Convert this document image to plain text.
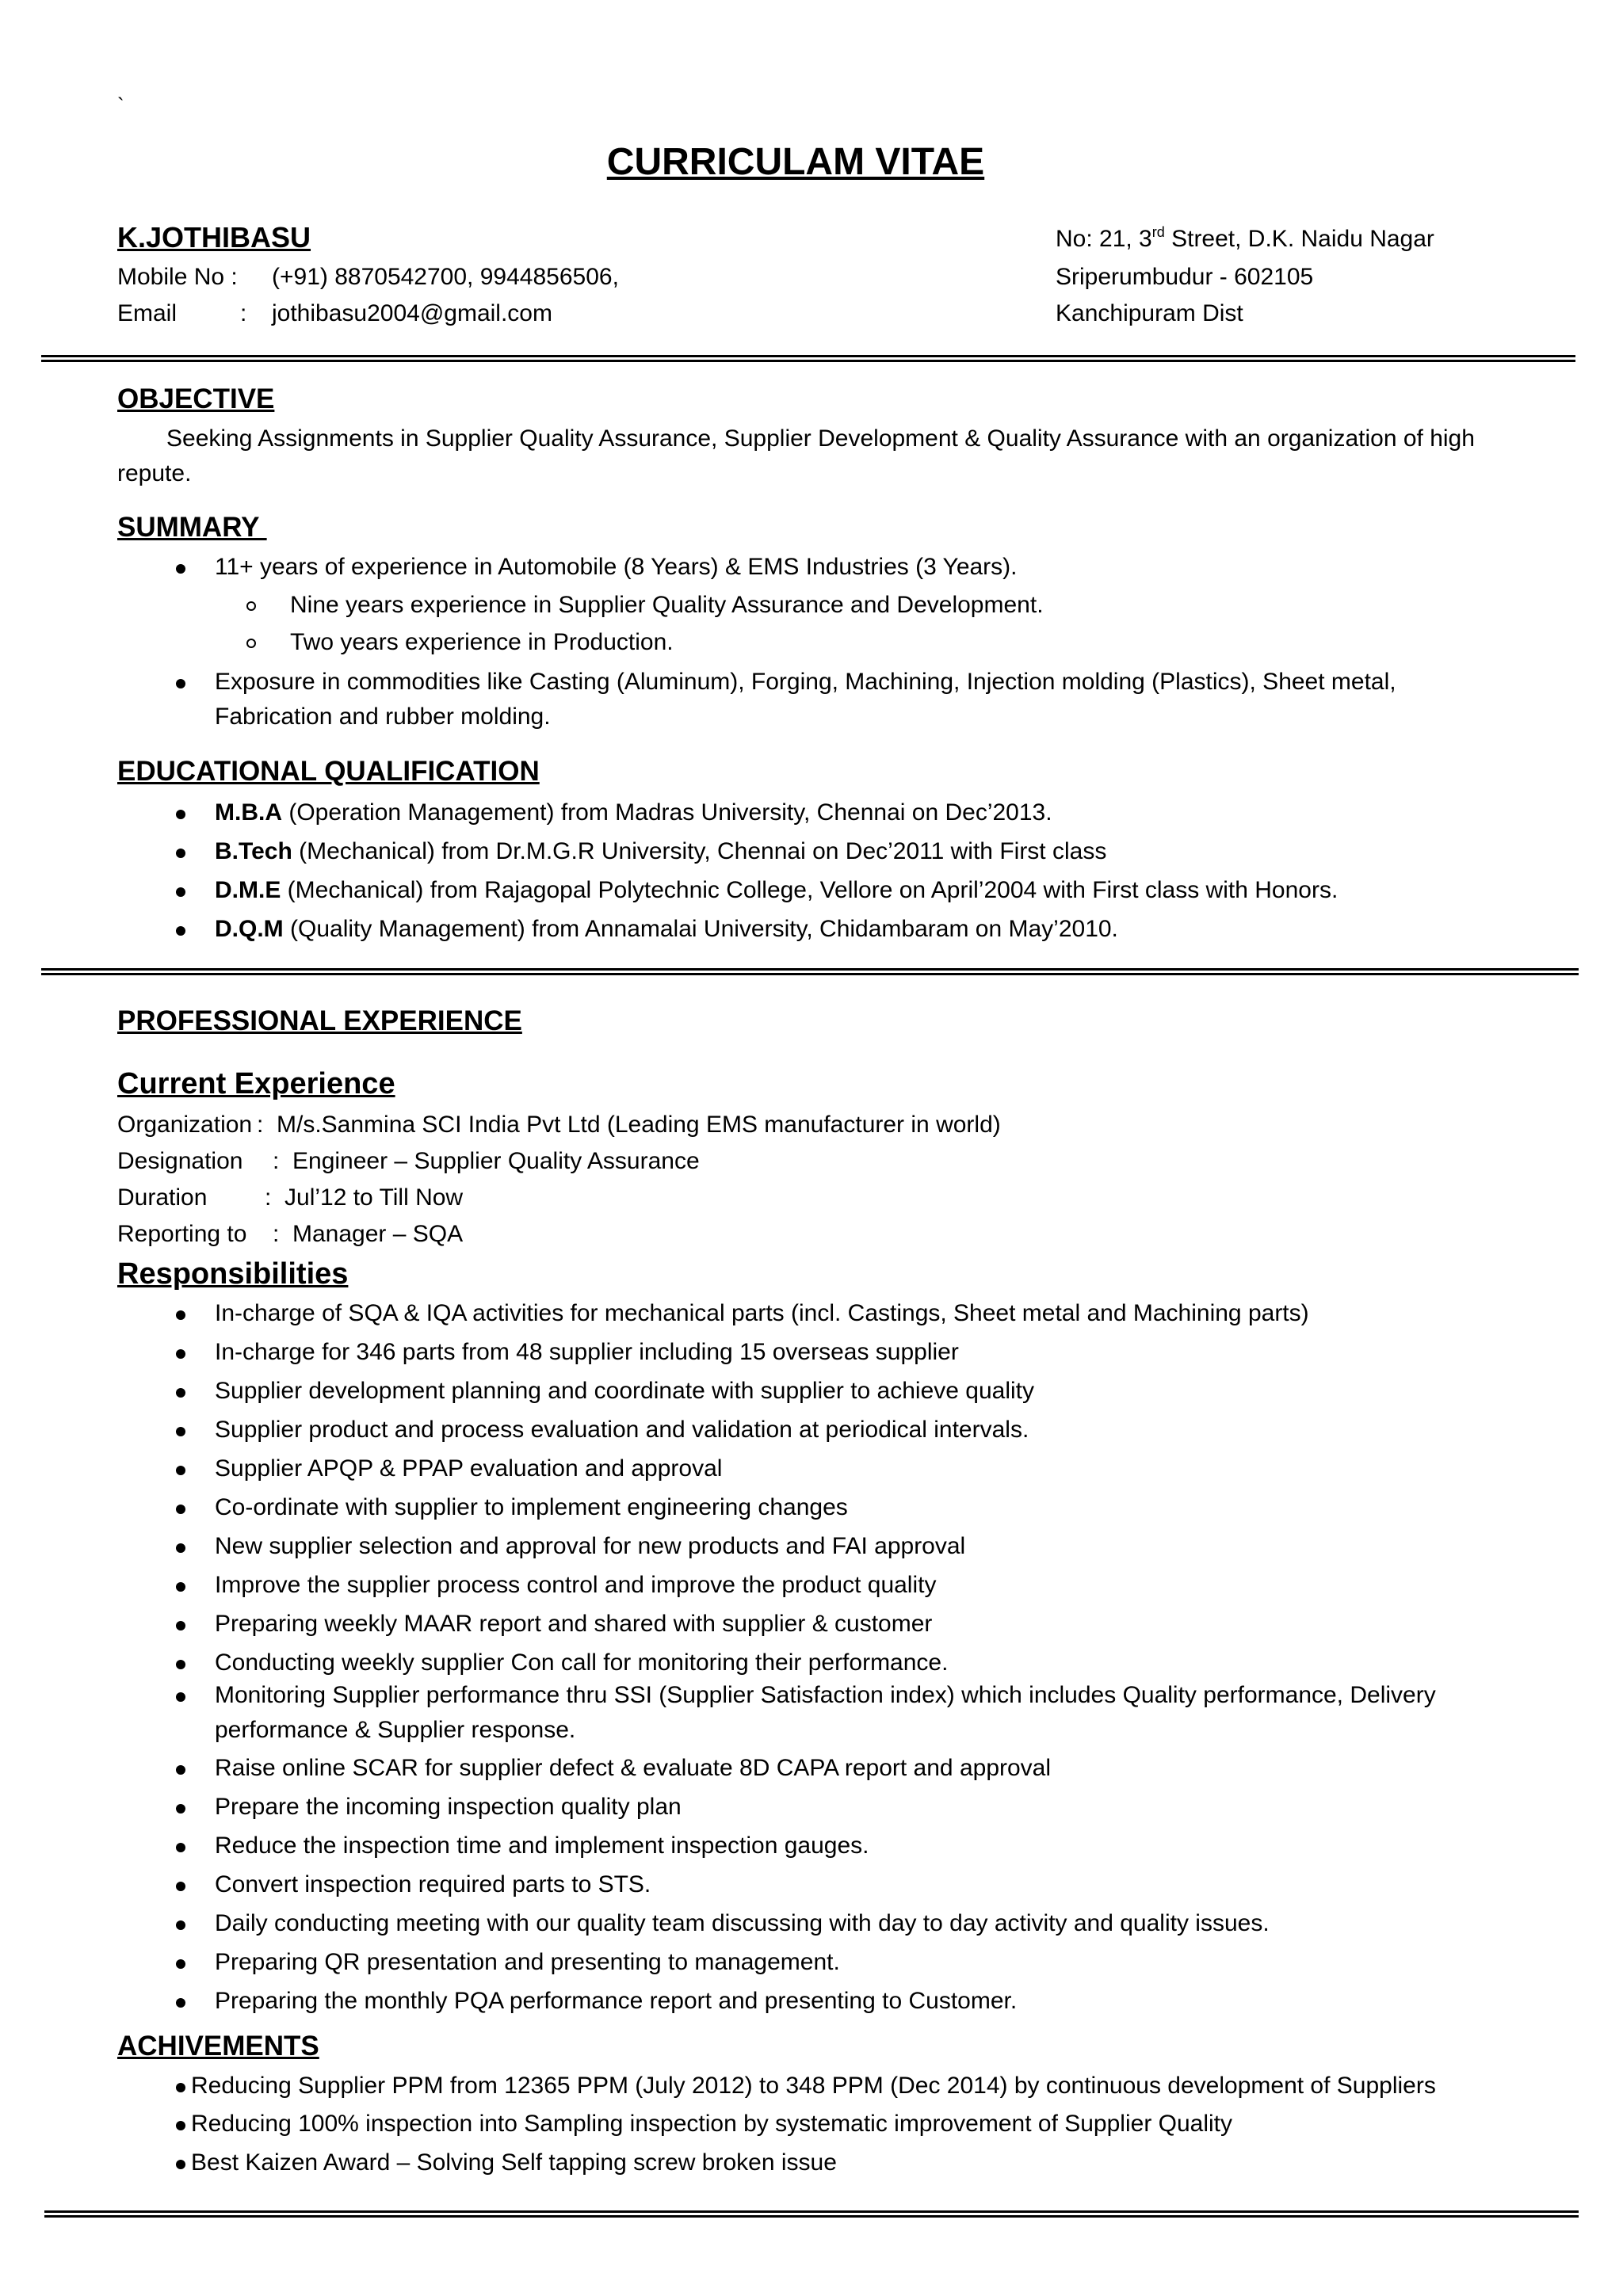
`
CURRICULAM VITAE
K.JOTHIBASU
Mobile No : (+91) 8870542700, 9944856506,
Email	: jothibasu2004@gmail.com
No: 21, 3rd Street, D.K. Naidu Nagar
Sriperumbudur - 602105
Kanchipuram Dist
OBJECTIVE
Seeking Assignments in Supplier Quality Assurance, Supplier Development & Quality Assurance with an organization of high
repute.
SUMMARY
11+ years of experience in Automobile (8 Years) & EMS Industries (3 Years).
Nine years experience in Supplier Quality Assurance and Development.
Two years experience in Production.
Exposure in commodities like Casting (Aluminum), Forging, Machining, Injection molding (Plastics), Sheet metal,
Fabrication and rubber molding.
EDUCATIONAL QUALIFICATION
M.B.A (Operation Management) from Madras University, Chennai on Dec’2013.
B.Tech (Mechanical) from Dr.M.G.R University, Chennai on Dec’2011 with First class
D.M.E (Mechanical) from Rajagopal Polytechnic College, Vellore on April’2004 with First class with Honors.
D.Q.M (Quality Management) from Annamalai University, Chidambaram on May’2010.
PROFESSIONAL EXPERIENCE
Current Experience
Organization :  M/s.Sanmina SCI India Pvt Ltd (Leading EMS manufacturer in world)
Designation :  Engineer – Supplier Quality Assurance
Duration :  Jul’12 to Till Now
Reporting to :  Manager – SQA
Responsibilities
In-charge of SQA & IQA activities for mechanical parts (incl. Castings, Sheet metal and Machining parts)
In-charge for 346 parts from 48 supplier including 15 overseas supplier
Supplier development planning and coordinate with supplier to achieve quality
Supplier product and process evaluation and validation at periodical intervals.
Supplier APQP & PPAP evaluation and approval
Co-ordinate with supplier to implement engineering changes
New supplier selection and approval for new products and FAI approval
Improve the supplier process control and improve the product quality
Preparing weekly MAAR report and shared with supplier & customer
Conducting weekly supplier Con call for monitoring their performance.
Monitoring Supplier performance thru SSI (Supplier Satisfaction index) which includes Quality performance, Delivery
Raise online SCAR for supplier defect & evaluate 8D CAPA report and approval
Prepare the incoming inspection quality plan
Reduce the inspection time and implement inspection gauges.
Convert inspection required parts to STS.
Daily conducting meeting with our quality team discussing with day to day activity and quality issues.
Preparing QR presentation and presenting to management.
Preparing the monthly PQA performance report and presenting to Customer.
performance & Supplier response.
ACHIVEMENTS
Reducing Supplier PPM from 12365 PPM (July 2012) to 348 PPM (Dec 2014) by continuous development of Suppliers
Reducing 100% inspection into Sampling inspection by systematic improvement of Supplier Quality
Best Kaizen Award – Solving Self tapping screw broken issue
